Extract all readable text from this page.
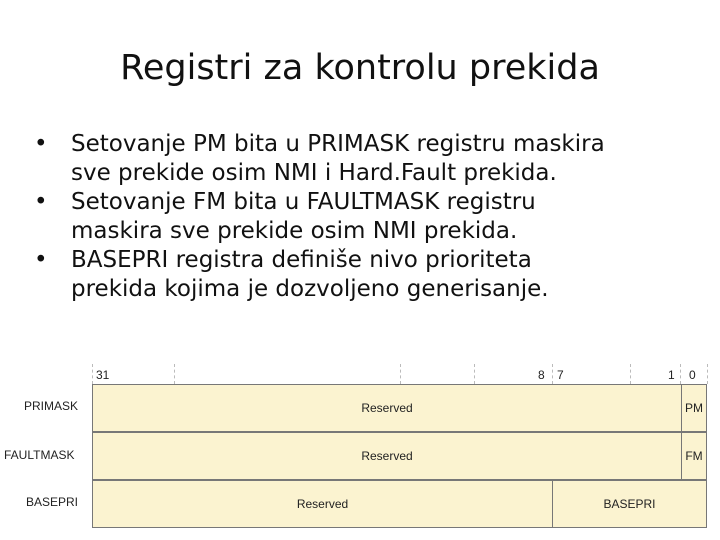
Registri za kontrolu prekida
• Setovanje PM bita u PRIMASK registru maskira
sve prekide osim NMI i Hard.Fault prekida.
• Setovanje FM bita u FAULTMASK registru
maskira sve prekide osim NMI prekida.
• BASEPRI registra definiše nivo prioriteta
prekida kojima je dozvoljeno generisanje.
31	8 7	1 0
PRIMASK	Reserved	PM
FAULTMASK	Reserved	FM
BASEPRI	Reserved	BASEPRI
